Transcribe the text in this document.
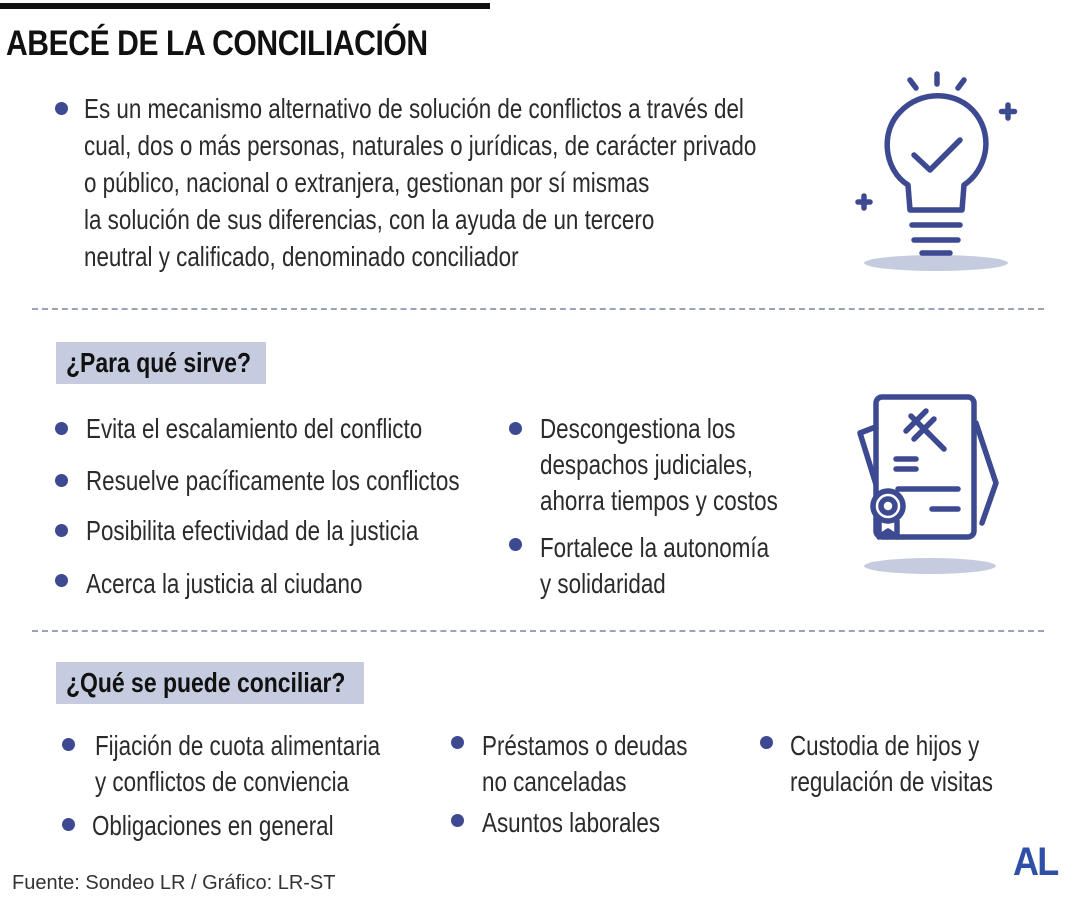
ABECÉ DE LA CONCILIACIÓN
Es un mecanismo alternativo de solución de conflictos a través del
cual, dos o más personas, naturales o jurídicas, de carácter privado
o público, nacional o extranjera, gestionan por sí mismas
la solución de sus diferencias, con la ayuda de un tercero
neutral y calificado, denominado conciliador
¿Para qué sirve?
Evita el escalamiento del conflicto
Resuelve pacíficamente los conflictos
Posibilita efectividad de la justicia
Acerca la justicia al ciudano
Descongestiona los
despachos judiciales,
ahorra tiempos y costos
Fortalece la autonomía
y solidaridad
¿Qué se puede conciliar?
Fijación de cuota alimentaria
y conflictos de conviencia
Obligaciones en general
Préstamos o deudas
no canceladas
Asuntos laborales
Custodia de hijos y
regulación de visitas
Fuente: Sondeo LR / Gráfico: LR-ST	AL
